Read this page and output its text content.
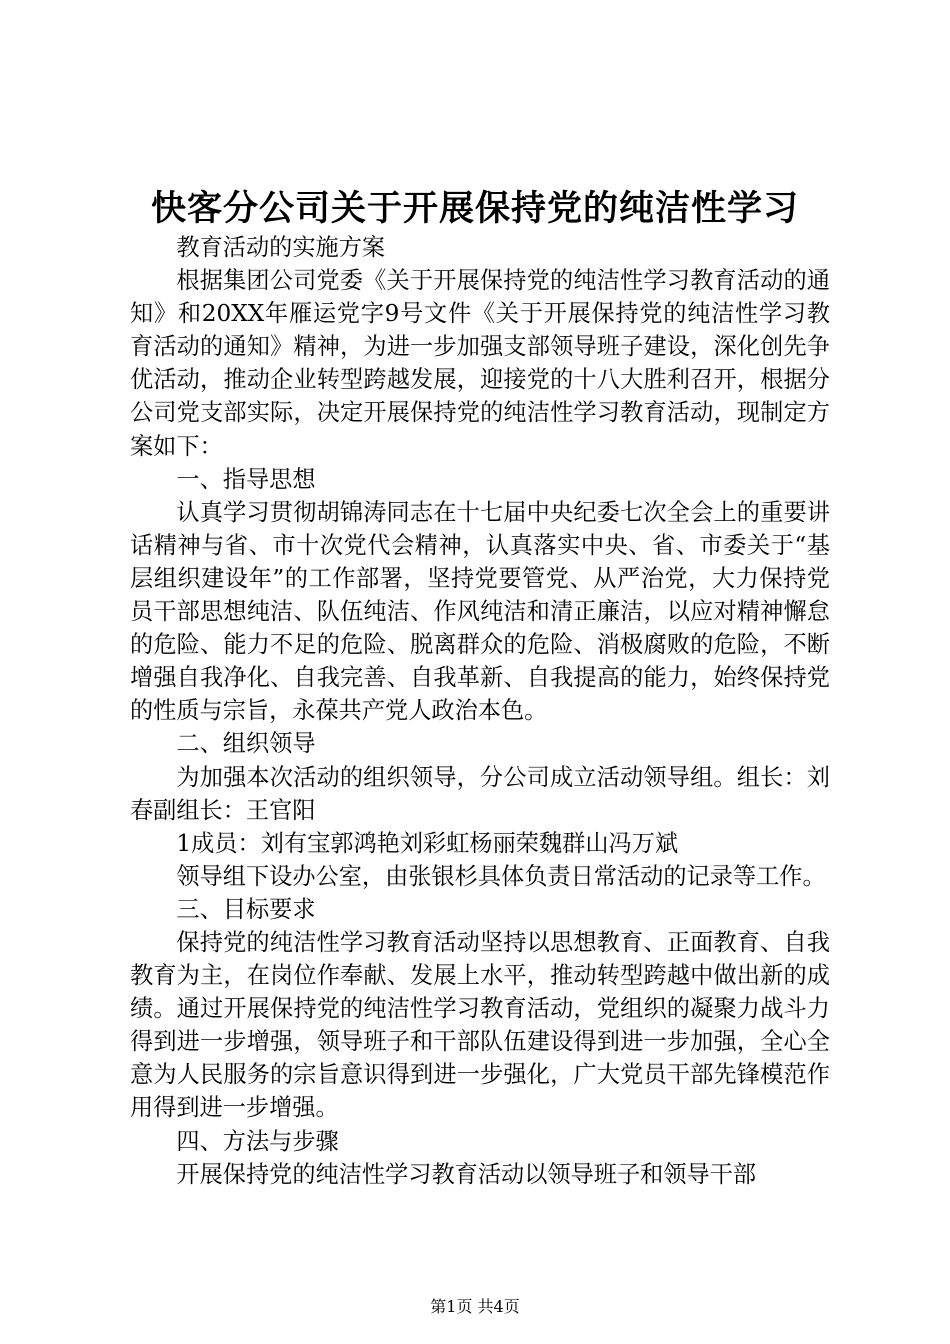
快客分公司关于开展保持党的纯洁性学习

教育活动的实施方案

根据集团公司党委《关于开展保持党的纯洁性学习教育活动的通知》和20XX年雁运党字9号文件《关于开展保持党的纯洁性学习教育活动的通知》精神，为进一步加强支部领导班子建设，深化创先争优活动，推动企业转型跨越发展，迎接党的十八大胜利召开，根据分公司党支部实际，决定开展保持党的纯洁性学习教育活动，现制定方案如下：

一、指导思想

认真学习贯彻胡锦涛同志在十七届中央纪委七次全会上的重要讲话精神与省、市十次党代会精神，认真落实中央、省、市委关于“基层组织建设年”的工作部署，坚持党要管党、从严治党，大力保持党员干部思想纯洁、队伍纯洁、作风纯洁和清正廉洁，以应对精神懈怠的危险、能力不足的危险、脱离群众的危险、消极腐败的危险，不断增强自我净化、自我完善、自我革新、自我提高的能力，始终保持党的性质与宗旨，永葆共产党人政治本色。

二、组织领导

为加强本次活动的组织领导，分公司成立活动领导组。组长：刘春副组长：王官阳

1成员：刘有宝郭鸿艳刘彩虹杨丽荣魏群山冯万斌

领导组下设办公室，由张银杉具体负责日常活动的记录等工作。

三、目标要求

保持党的纯洁性学习教育活动坚持以思想教育、正面教育、自我教育为主，在岗位作奉献、发展上水平，推动转型跨越中做出新的成绩。通过开展保持党的纯洁性学习教育活动，党组织的凝聚力战斗力得到进一步增强，领导班子和干部队伍建设得到进一步加强，全心全意为人民服务的宗旨意识得到进一步强化，广大党员干部先锋模范作用得到进一步增强。

四、方法与步骤

开展保持党的纯洁性学习教育活动以领导班子和领导干部

第1页 共4页
